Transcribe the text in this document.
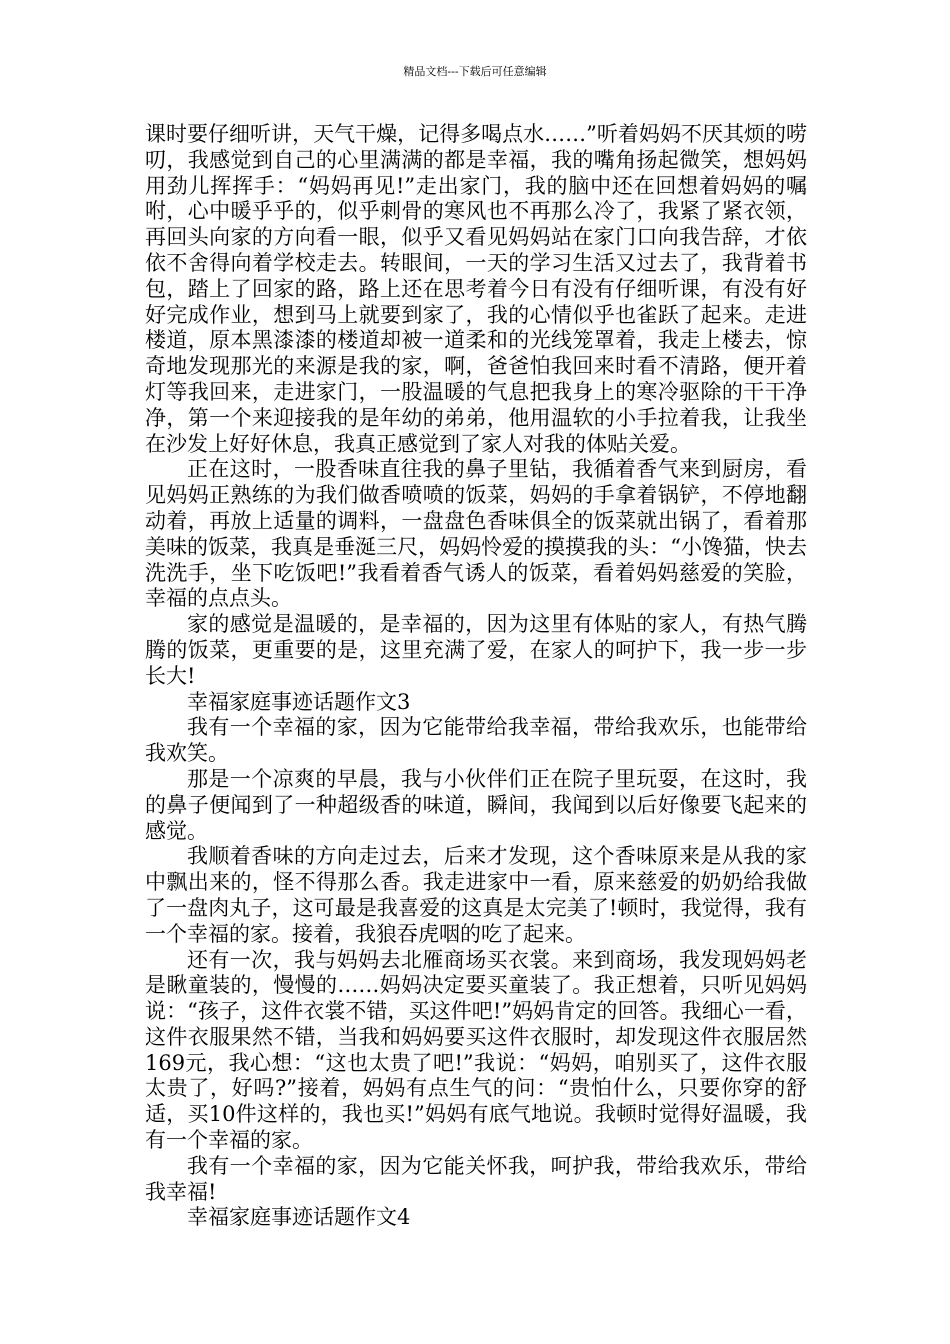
精品文档---下载后可任意编辑

课时要仔细听讲，天气干燥，记得多喝点水……”听着妈妈不厌其烦的唠叨，我感觉到自己的心里满满的都是幸福，我的嘴角扬起微笑，想妈妈用劲儿挥挥手：“妈妈再见!”走出家门，我的脑中还在回想着妈妈的嘱咐，心中暖乎乎的，似乎刺骨的寒风也不再那么冷了，我紧了紧衣领，再回头向家的方向看一眼，似乎又看见妈妈站在家门口向我告辞，才依依不舍得向着学校走去。转眼间，一天的学习生活又过去了，我背着书包，踏上了回家的路，路上还在思考着今日有没有仔细听课，有没有好好完成作业，想到马上就要到家了，我的心情似乎也雀跃了起来。走进楼道，原本黑漆漆的楼道却被一道柔和的光线笼罩着，我走上楼去，惊奇地发现那光的来源是我的家，啊，爸爸怕我回来时看不清路，便开着灯等我回来，走进家门，一股温暖的气息把我身上的寒冷驱除的干干净净，第一个来迎接我的是年幼的弟弟，他用温软的小手拉着我，让我坐在沙发上好好休息，我真正感觉到了家人对我的体贴关爱。

正在这时，一股香味直往我的鼻子里钻，我循着香气来到厨房，看见妈妈正熟练的为我们做香喷喷的饭菜，妈妈的手拿着锅铲，不停地翻动着，再放上适量的调料，一盘盘色香味俱全的饭菜就出锅了，看着那美味的饭菜，我真是垂涎三尺，妈妈怜爱的摸摸我的头：“小馋猫，快去洗洗手，坐下吃饭吧!”我看着香气诱人的饭菜，看着妈妈慈爱的笑脸，幸福的点点头。

家的感觉是温暖的，是幸福的，因为这里有体贴的家人，有热气腾腾的饭菜，更重要的是，这里充满了爱，在家人的呵护下，我一步一步长大!

幸福家庭事迹话题作文3

我有一个幸福的家，因为它能带给我幸福，带给我欢乐，也能带给我欢笑。

那是一个凉爽的早晨，我与小伙伴们正在院子里玩耍，在这时，我的鼻子便闻到了一种超级香的味道，瞬间，我闻到以后好像要飞起来的感觉。

我顺着香味的方向走过去，后来才发现，这个香味原来是从我的家中飘出来的，怪不得那么香。我走进家中一看，原来慈爱的奶奶给我做了一盘肉丸子，这可最是我喜爱的这真是太完美了!顿时，我觉得，我有一个幸福的家。接着，我狼吞虎咽的吃了起来。

还有一次，我与妈妈去北雁商场买衣裳。来到商场，我发现妈妈老是瞅童装的，慢慢的……妈妈决定要买童装了。我正想着，只听见妈妈说：“孩子，这件衣裳不错，买这件吧!”妈妈肯定的回答。我细心一看，这件衣服果然不错，当我和妈妈要买这件衣服时，却发现这件衣服居然169元，我心想：“这也太贵了吧!”我说：“妈妈，咱别买了，这件衣服太贵了，好吗?”接着，妈妈有点生气的问：“贵怕什么，只要你穿的舒适，买10件这样的，我也买!”妈妈有底气地说。我顿时觉得好温暖，我有一个幸福的家。

我有一个幸福的家，因为它能关怀我，呵护我，带给我欢乐，带给我幸福!

幸福家庭事迹话题作文4
